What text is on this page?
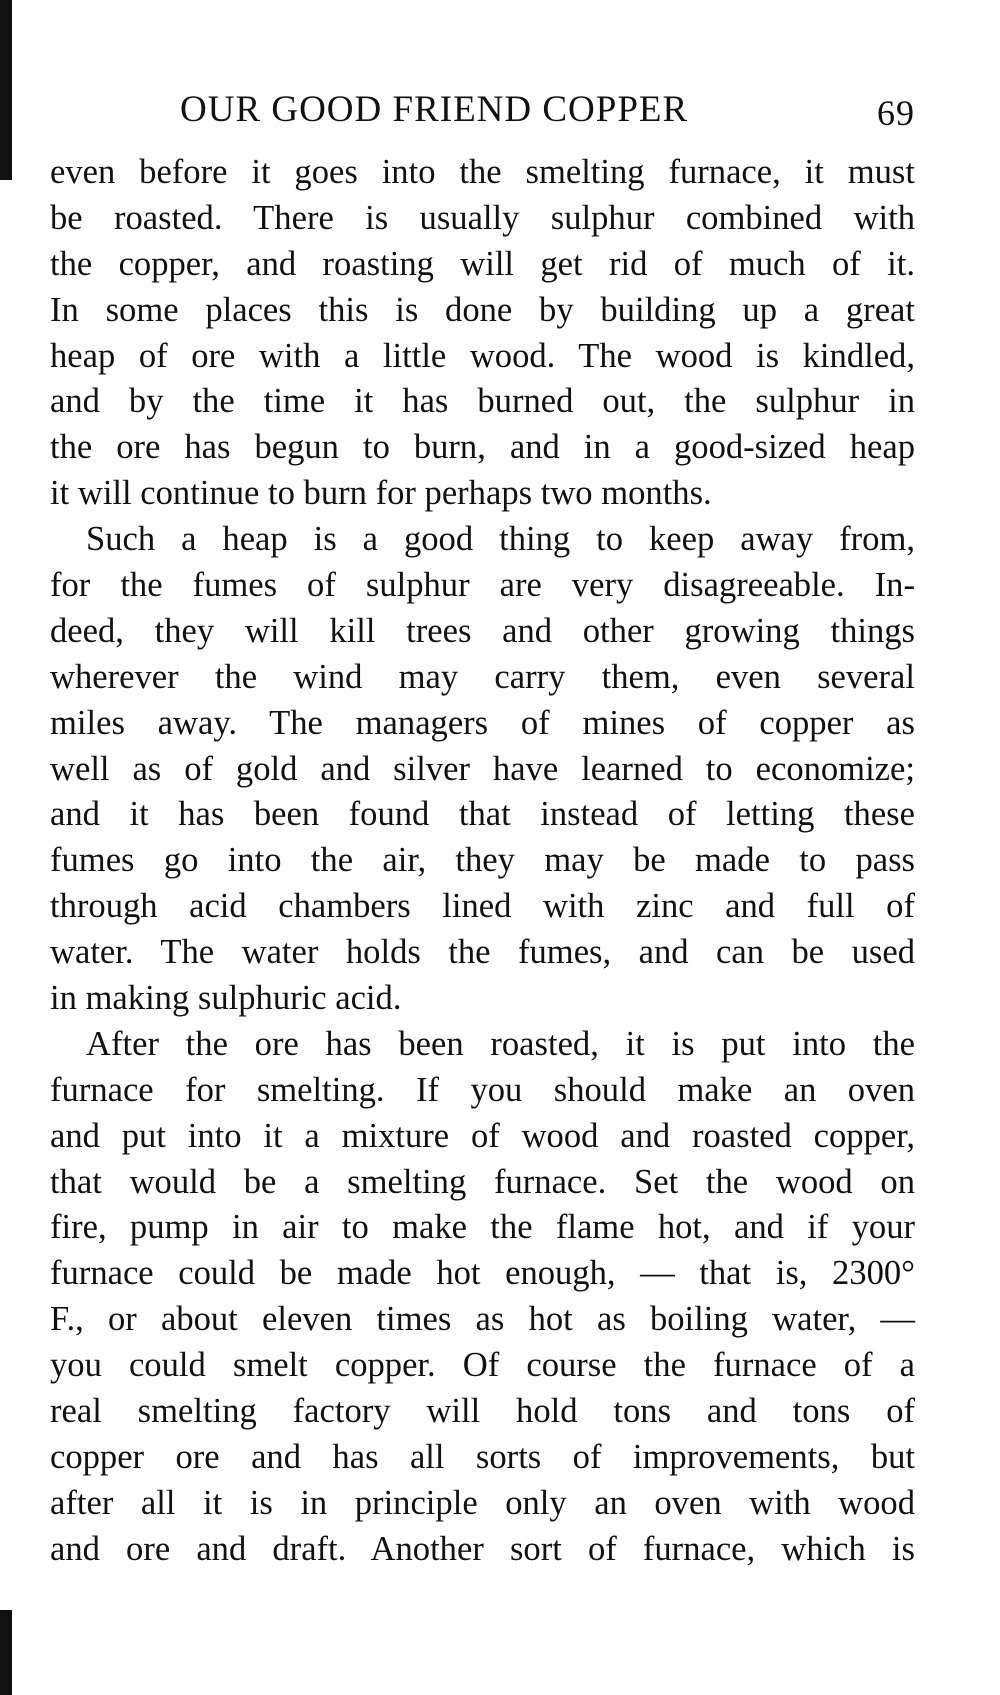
OUR GOOD FRIEND COPPER	69
even before it goes into the smelting furnace, it must
be roasted. There is usually sulphur combined with
the copper, and roasting will get rid of much of it.
In some places this is done by building up a great
heap of ore with a little wood. The wood is kindled,
and by the time it has burned out, the sulphur in
the ore has begun to burn, and in a good-sized heap
it will continue to burn for perhaps two months.
Such a heap is a good thing to keep away from,
for the fumes of sulphur are very disagreeable. In-
deed, they will kill trees and other growing things
wherever the wind may carry them, even several
miles away. The managers of mines of copper as
well as of gold and silver have learned to economize;
and it has been found that instead of letting these
fumes go into the air, they may be made to pass
through acid chambers lined with zinc and full of
water. The water holds the fumes, and can be used
in making sulphuric acid.
After the ore has been roasted, it is put into the
furnace for smelting. If you should make an oven
and put into it a mixture of wood and roasted copper,
that would be a smelting furnace. Set the wood on
fire, pump in air to make the flame hot, and if your
furnace could be made hot enough, — that is, 2300°
F., or about eleven times as hot as boiling water, —
you could smelt copper. Of course the furnace of a
real smelting factory will hold tons and tons of
copper ore and has all sorts of improvements, but
after all it is in principle only an oven with wood
and ore and draft. Another sort of furnace, which is
